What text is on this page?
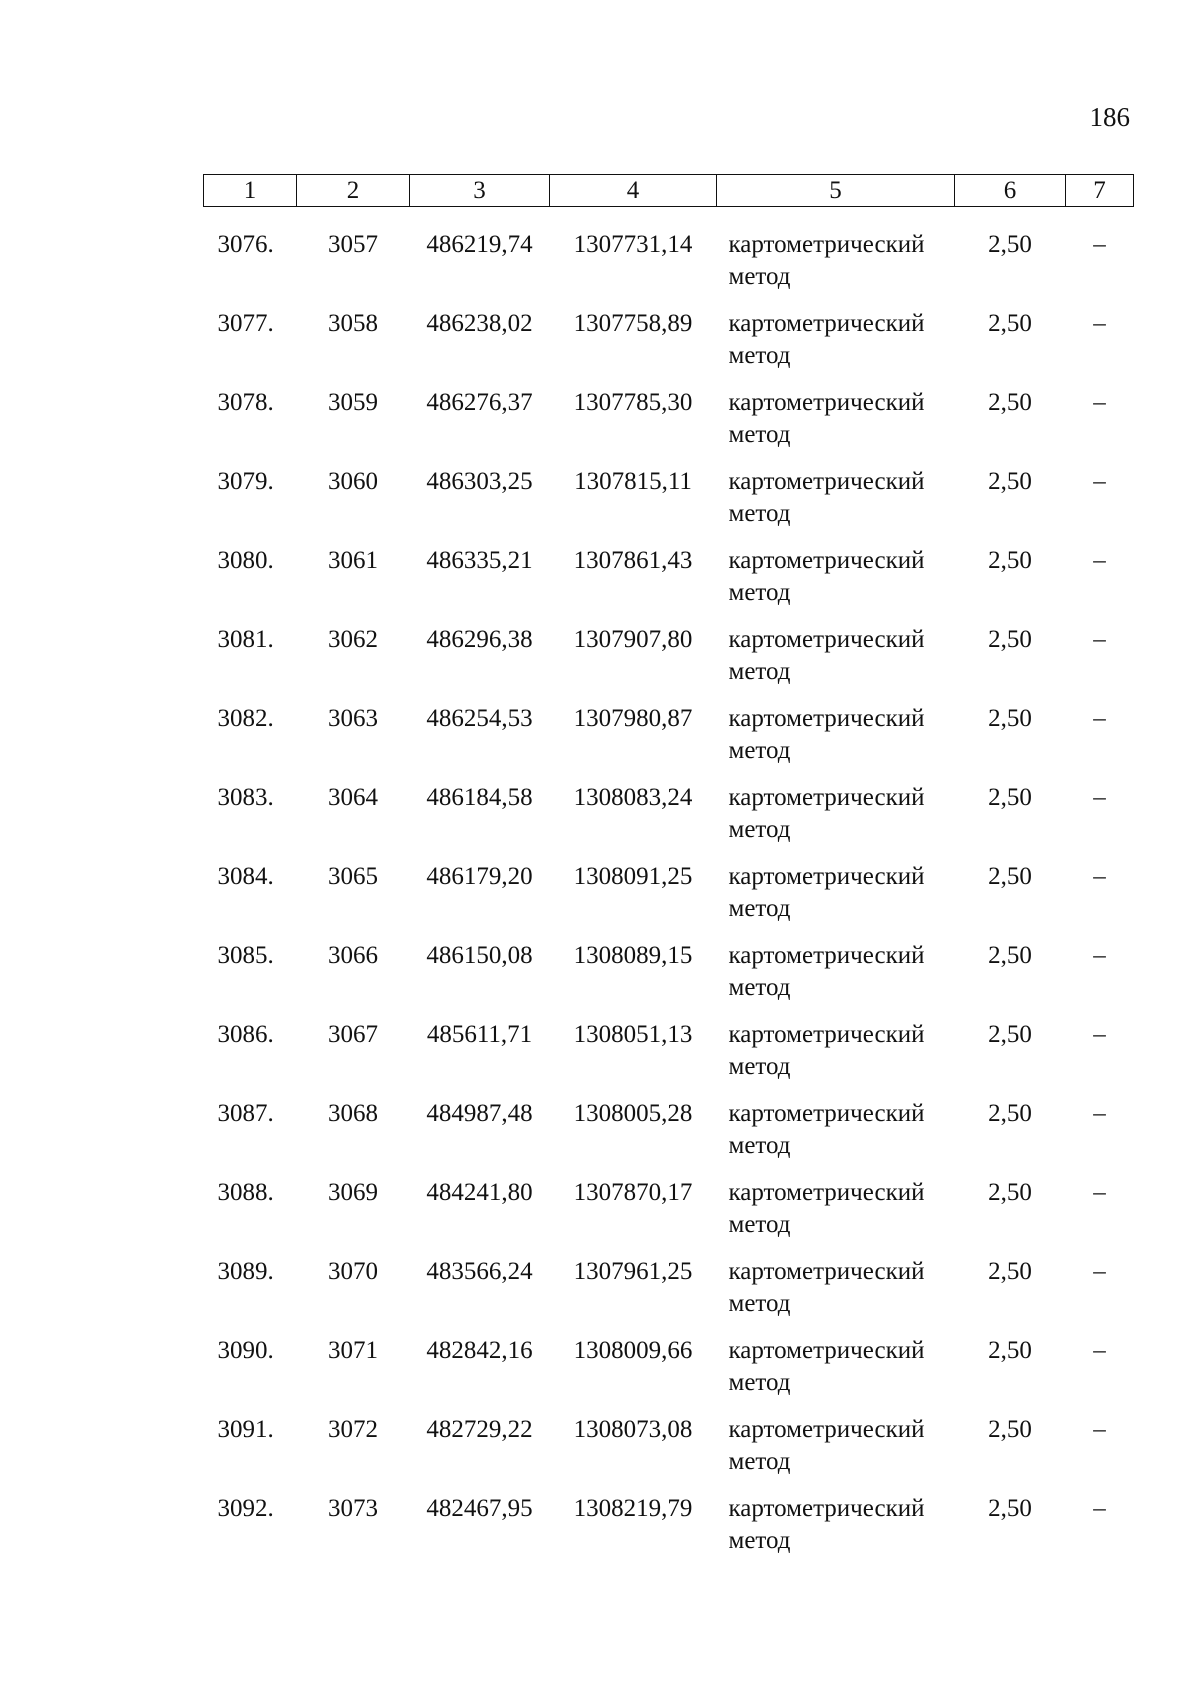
186
1	2	3	4	5	6	7
3076.	3057	486219,74	1307731,14	картометрический метод	2,50	–
3077.	3058	486238,02	1307758,89	картометрический метод	2,50	–
3078.	3059	486276,37	1307785,30	картометрический метод	2,50	–
3079.	3060	486303,25	1307815,11	картометрический метод	2,50	–
3080.	3061	486335,21	1307861,43	картометрический метод	2,50	–
3081.	3062	486296,38	1307907,80	картометрический метод	2,50	–
3082.	3063	486254,53	1307980,87	картометрический метод	2,50	–
3083.	3064	486184,58	1308083,24	картометрический метод	2,50	–
3084.	3065	486179,20	1308091,25	картометрический метод	2,50	–
3085.	3066	486150,08	1308089,15	картометрический метод	2,50	–
3086.	3067	485611,71	1308051,13	картометрический метод	2,50	–
3087.	3068	484987,48	1308005,28	картометрический метод	2,50	–
3088.	3069	484241,80	1307870,17	картометрический метод	2,50	–
3089.	3070	483566,24	1307961,25	картометрический метод	2,50	–
3090.	3071	482842,16	1308009,66	картометрический метод	2,50	–
3091.	3072	482729,22	1308073,08	картометрический метод	2,50	–
3092.	3073	482467,95	1308219,79	картометрический метод	2,50	–
